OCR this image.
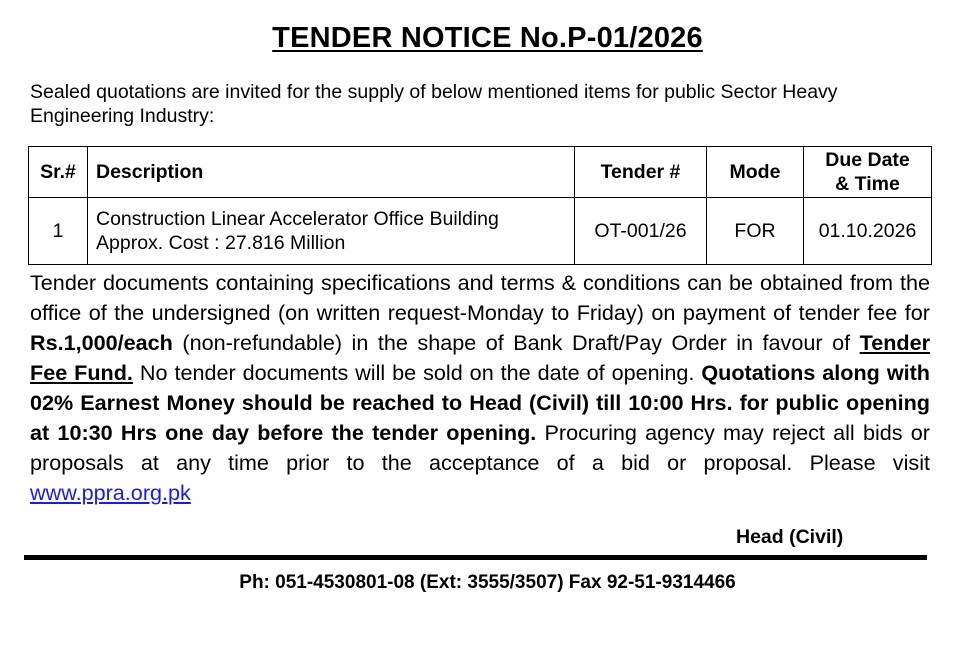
TENDER NOTICE No.P-01/2026
Sealed quotations are invited for the supply of below mentioned items for public Sector Heavy Engineering Industry:
Sr.#	Description	Tender #	Mode	Due Date
& Time
1	Construction Linear Accelerator Office Building
Approx. Cost : 27.816 Million	OT-001/26	FOR	01.10.2026
Tender documents containing specifications and terms & conditions can be obtained from the office of the undersigned (on written request-Monday to Friday) on payment of tender fee for Rs.1,000/each (non-refundable) in the shape of Bank Draft/Pay Order in favour of Tender Fee Fund. No tender documents will be sold on the date of opening. Quotations along with 02% Earnest Money should be reached to Head (Civil) till 10:00 Hrs. for public opening at 10:30 Hrs one day before the tender opening. Procuring agency may reject all bids or proposals at any time prior to the acceptance of a bid or proposal. Please visit www.ppra.org.pk
Head (Civil)
Ph: 051-4530801-08 (Ext: 3555/3507) Fax 92-51-9314466
